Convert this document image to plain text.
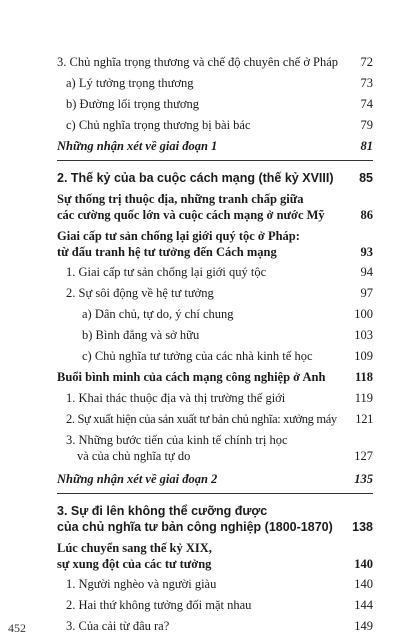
3. Chủ nghĩa trọng thương và chế độ chuyên chế ở Pháp	72
a) Lý tưởng trọng thương	73
b) Đường lối trọng thương	74
c) Chủ nghĩa trọng thương bị bài bác	79
Những nhận xét về giai đoạn 1	81
2. Thế kỷ của ba cuộc cách mạng (thế kỷ XVIII)	85
Sự thống trị thuộc địa, những tranh chấp giữa
các cường quốc lớn và cuộc cách mạng ở nước Mỹ	86
Giai cấp tư sản chống lại giới quý tộc ở Pháp:
từ đấu tranh hệ tư tưởng đến Cách mạng	93
1. Giai cấp tư sản chống lại giới quý tộc	94
2. Sự sôi động về hệ tư tưởng	97
a) Dân chủ, tự do, ý chí chung	100
b) Bình đẳng và sở hữu	103
c) Chủ nghĩa tư tưởng của các nhà kinh tế học	109
Buổi bình minh của cách mạng công nghiệp ở Anh	118
1. Khai thác thuộc địa và thị trường thế giới	119
2. Sự xuất hiện của sản xuất tư bản chủ nghĩa: xưởng máy	121
3. Những bước tiến của kinh tế chính trị học
và của chủ nghĩa tự do	127
Những nhận xét về giai đoạn 2	135
3. Sự đi lên không thể cưỡng được
của chủ nghĩa tư bản công nghiệp (1800-1870)	138
Lúc chuyển sang thế kỷ XIX,
sự xung đột của các tư tưởng	140
1. Người nghèo và người giàu	140
2. Hai thứ không tưởng đối mặt nhau	144
3. Của cải từ đâu ra?	149
452
